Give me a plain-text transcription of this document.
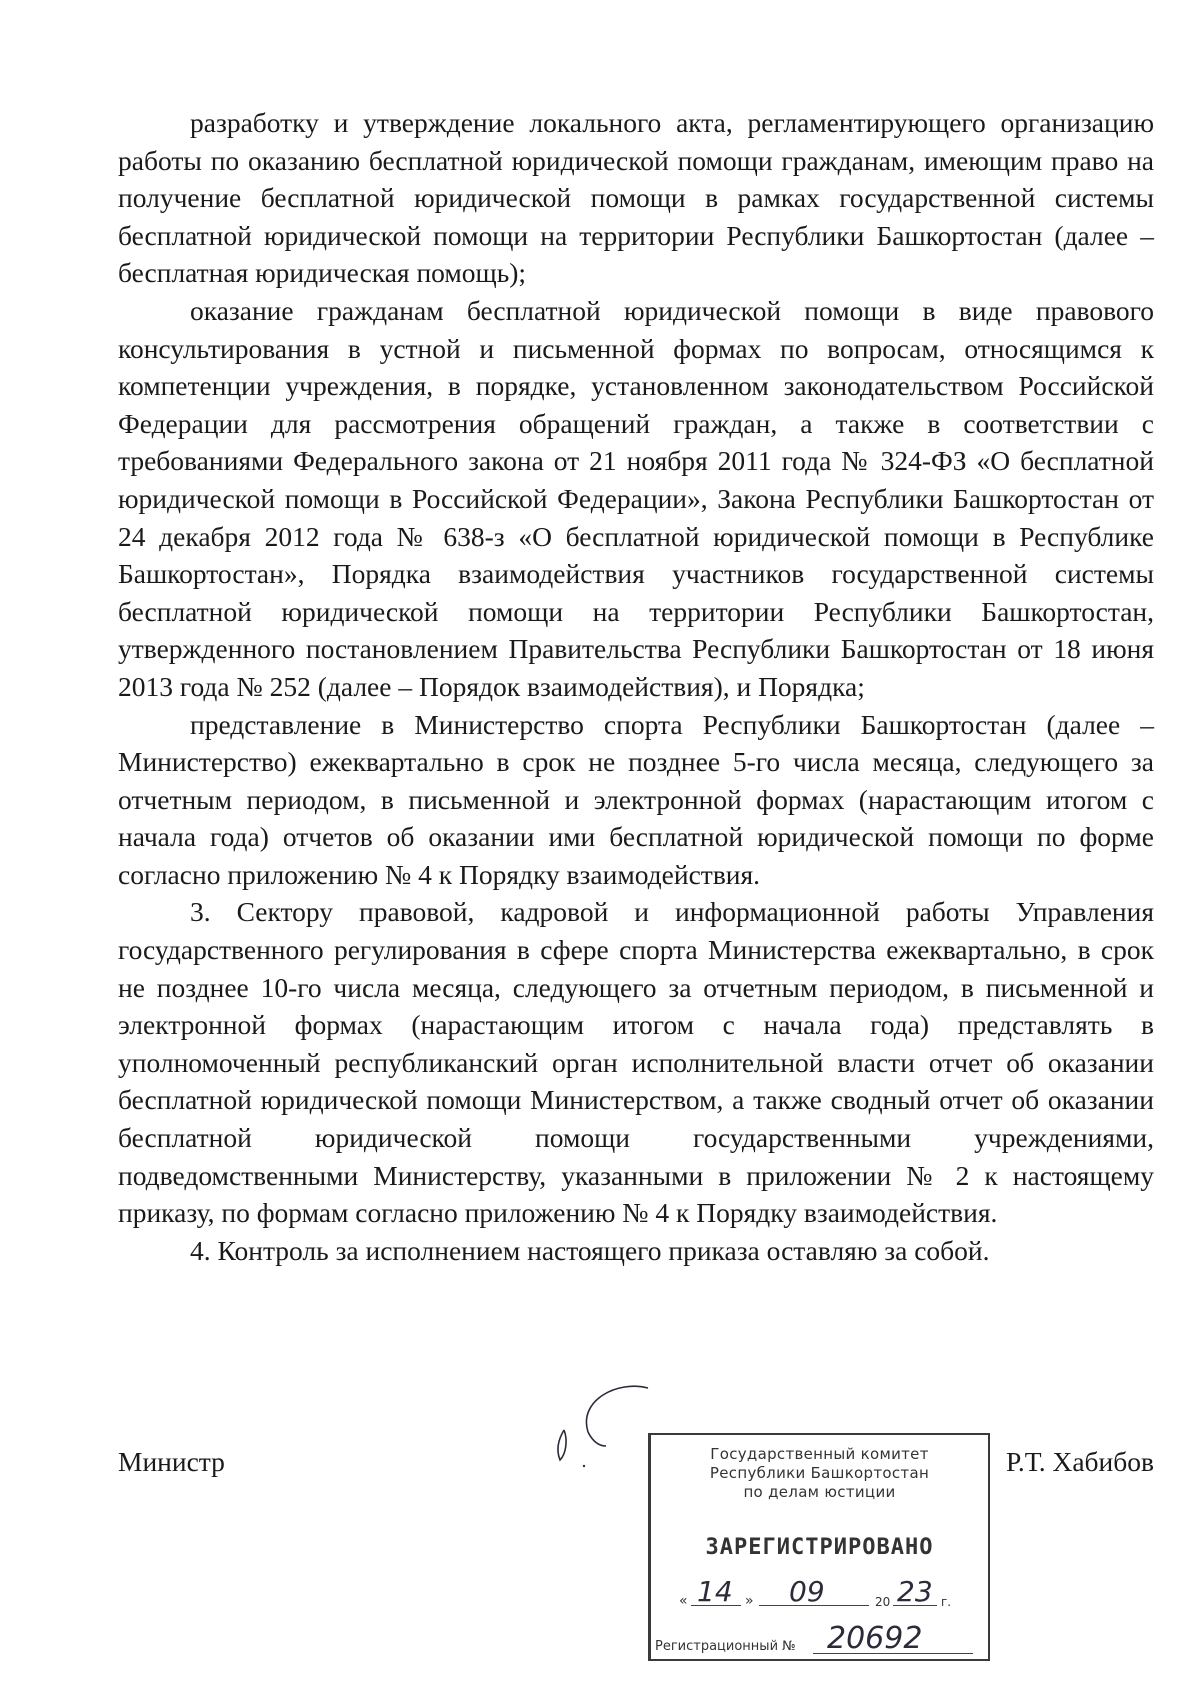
разработку и утверждение локального акта, регламентирующего организацию работы по оказанию бесплатной юридической помощи гражданам, имеющим право на получение бесплатной юридической помощи в рамках государственной системы бесплатной юридической помощи на территории Республики Башкортостан (далее – бесплатная юридическая помощь);

оказание гражданам бесплатной юридической помощи в виде правового консультирования в устной и письменной формах по вопросам, относящимся к компетенции учреждения, в порядке, установленном законодательством Российской Федерации для рассмотрения обращений граждан, а также в соответствии с требованиями Федерального закона от 21 ноября 2011 года № 324-ФЗ «О бесплатной юридической помощи в Российской Федерации», Закона Республики Башкортостан от 24 декабря 2012 года № 638-з «О бесплатной юридической помощи в Республике Башкортостан», Порядка взаимодействия участников государственной системы бесплатной юридической помощи на территории Республики Башкортостан, утвержденного постановлением Правительства Республики Башкортостан от 18 июня 2013 года № 252 (далее – Порядок взаимодействия), и Порядка;

представление в Министерство спорта Республики Башкортостан (далее – Министерство) ежеквартально в срок не позднее 5-го числа месяца, следующего за отчетным периодом, в письменной и электронной формах (нарастающим итогом с начала года) отчетов об оказании ими бесплатной юридической помощи по форме согласно приложению № 4 к Порядку взаимодействия.

3. Сектору правовой, кадровой и информационной работы Управления государственного регулирования в сфере спорта Министерства ежеквартально, в срок не позднее 10-го числа месяца, следующего за отчетным периодом, в письменной и электронной формах (нарастающим итогом с начала года) представлять в уполномоченный республиканский орган исполнительной власти отчет об оказании бесплатной юридической помощи Министерством, а также сводный отчет об оказании бесплатной юридической помощи государственными учреждениями, подведомственными Министерству, указанными в приложении № 2 к настоящему приказу, по формам согласно приложению № 4 к Порядку взаимодействия.

4. Контроль за исполнением настоящего приказа оставляю за собой.

Министр	Р.Т. Хабибов
Государственный комитет
Республики Башкортостан
по делам юстиции
ЗАРЕГИСТРИРОВАНО
« 14 » 09	20 23 г.
Регистрационный № 20692
